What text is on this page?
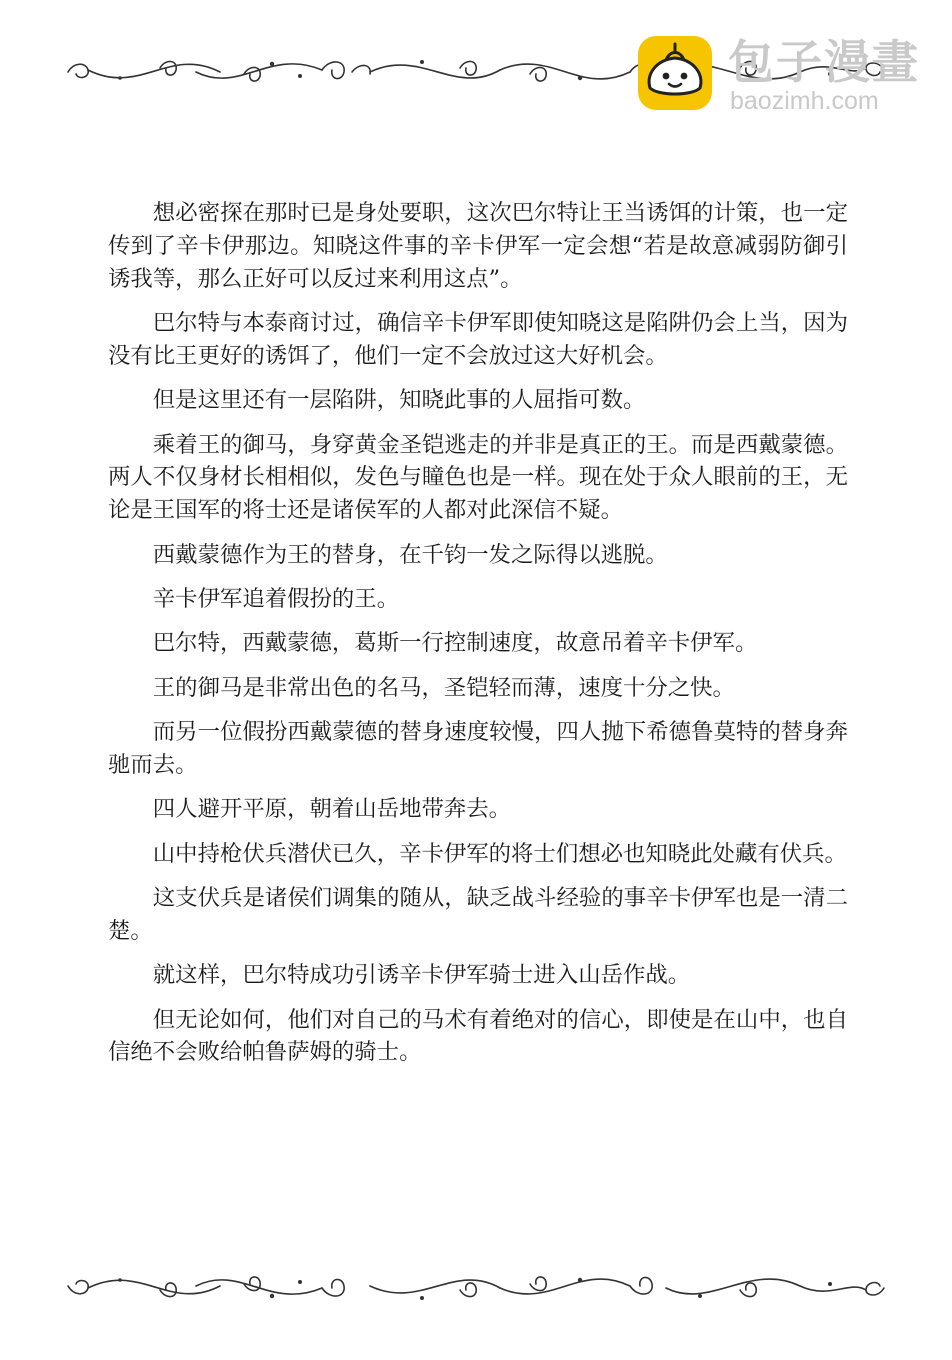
包子漫畫
baozimh.com

想必密探在那时已是身处要职，这次巴尔特让王当诱饵的计策，也一定传到了辛卡伊那边。知晓这件事的辛卡伊军一定会想“若是故意减弱防御引诱我等，那么正好可以反过来利用这点”。

巴尔特与本泰商讨过，确信辛卡伊军即使知晓这是陷阱仍会上当，因为没有比王更好的诱饵了，他们一定不会放过这大好机会。

但是这里还有一层陷阱，知晓此事的人屈指可数。

乘着王的御马，身穿黄金圣铠逃走的并非是真正的王。而是西戴蒙德。两人不仅身材长相相似，发色与瞳色也是一样。现在处于众人眼前的王，无论是王国军的将士还是诸侯军的人都对此深信不疑。

西戴蒙德作为王的替身，在千钧一发之际得以逃脱。

辛卡伊军追着假扮的王。

巴尔特，西戴蒙德，葛斯一行控制速度，故意吊着辛卡伊军。

王的御马是非常出色的名马，圣铠轻而薄，速度十分之快。

而另一位假扮西戴蒙德的替身速度较慢，四人抛下希德鲁莫特的替身奔驰而去。

四人避开平原，朝着山岳地带奔去。

山中持枪伏兵潜伏已久，辛卡伊军的将士们想必也知晓此处藏有伏兵。

这支伏兵是诸侯们调集的随从，缺乏战斗经验的事辛卡伊军也是一清二楚。

就这样，巴尔特成功引诱辛卡伊军骑士进入山岳作战。

但无论如何，他们对自己的马术有着绝对的信心，即使是在山中，也自信绝不会败给帕鲁萨姆的骑士。
